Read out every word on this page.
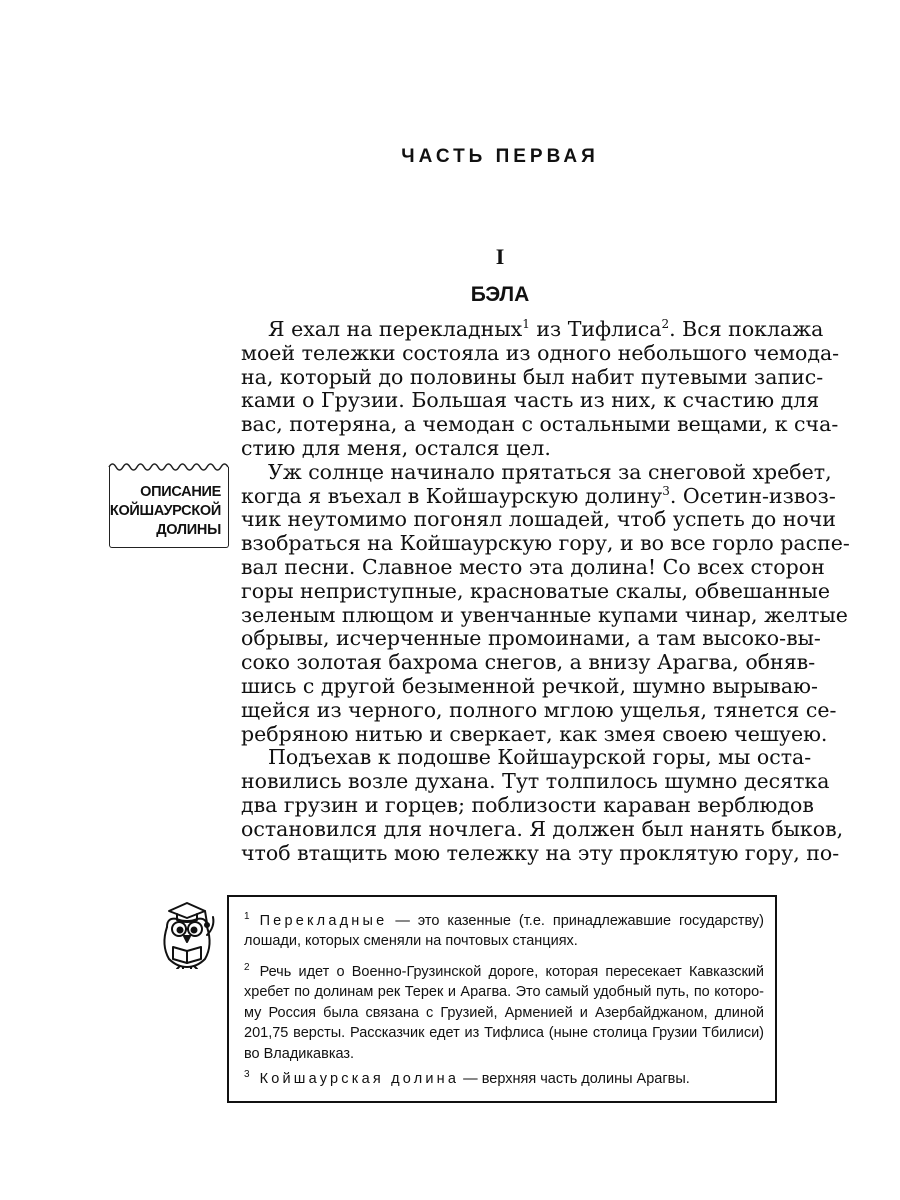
ЧАСТЬ ПЕРВАЯ
I
БЭЛА
Я ехал на перекладных$^1$ из Тифлиса$^2$. Вся поклажа
моей тележки состояла из одного небольшого чемода-
на, который до половины был набит путевыми запис-
ками о Грузии. Большая часть из них, к счастию для
вас, потеряна, а чемодан с остальными вещами, к сча-
стию для меня, остался цел.
Уж солнце начинало прятаться за снеговой хребет,
когда я въехал в Койшаурскую долину$^3$. Осетин-извоз-
чик неутомимо погонял лошадей, чтоб успеть до ночи
взобраться на Койшаурскую гору, и во все горло распе-
вал песни. Славное место эта долина! Со всех сторон
горы неприступные, красноватые скалы, обвешанные
зеленым плющом и увенчанные купами чинар, желтые
обрывы, исчерченные промоинами, а там высоко-вы-
соко золотая бахрома снегов, а внизу Арагва, обняв-
шись с другой безыменной речкой, шумно вырываю-
щейся из черного, полного мглою ущелья, тянется се-
ребряною нитью и сверкает, как змея своею чешуею.
Подъехав к подошве Койшаурской горы, мы оста-
новились возле духана. Тут толпилось шумно десятка
два грузин и горцев; поблизости караван верблюдов
остановился для ночлега. Я должен был нанять быков,
чтоб втащить мою тележку на эту проклятую гору, по-
ОПИСАНИЕ
КОЙШАУРСКОЙ
ДОЛИНЫ
$^1$ Перекладные — это казенные (т.е. принадлежавшие государству)
лошади, которых сменяли на почтовых станциях.
$^2$ Речь идет о Военно-Грузинской дороге, которая пересекает Кавказский
хребет по долинам рек Терек и Арагва. Это самый удобный путь, по которо-
му Россия была связана с Грузией, Арменией и Азербайджаном, длиной
201,75 версты. Рассказчик едет из Тифлиса (ныне столица Грузии Тбилиси)
во Владикавказ.
$^3$ Койшаурская долина — верхняя часть долины Арагвы.
